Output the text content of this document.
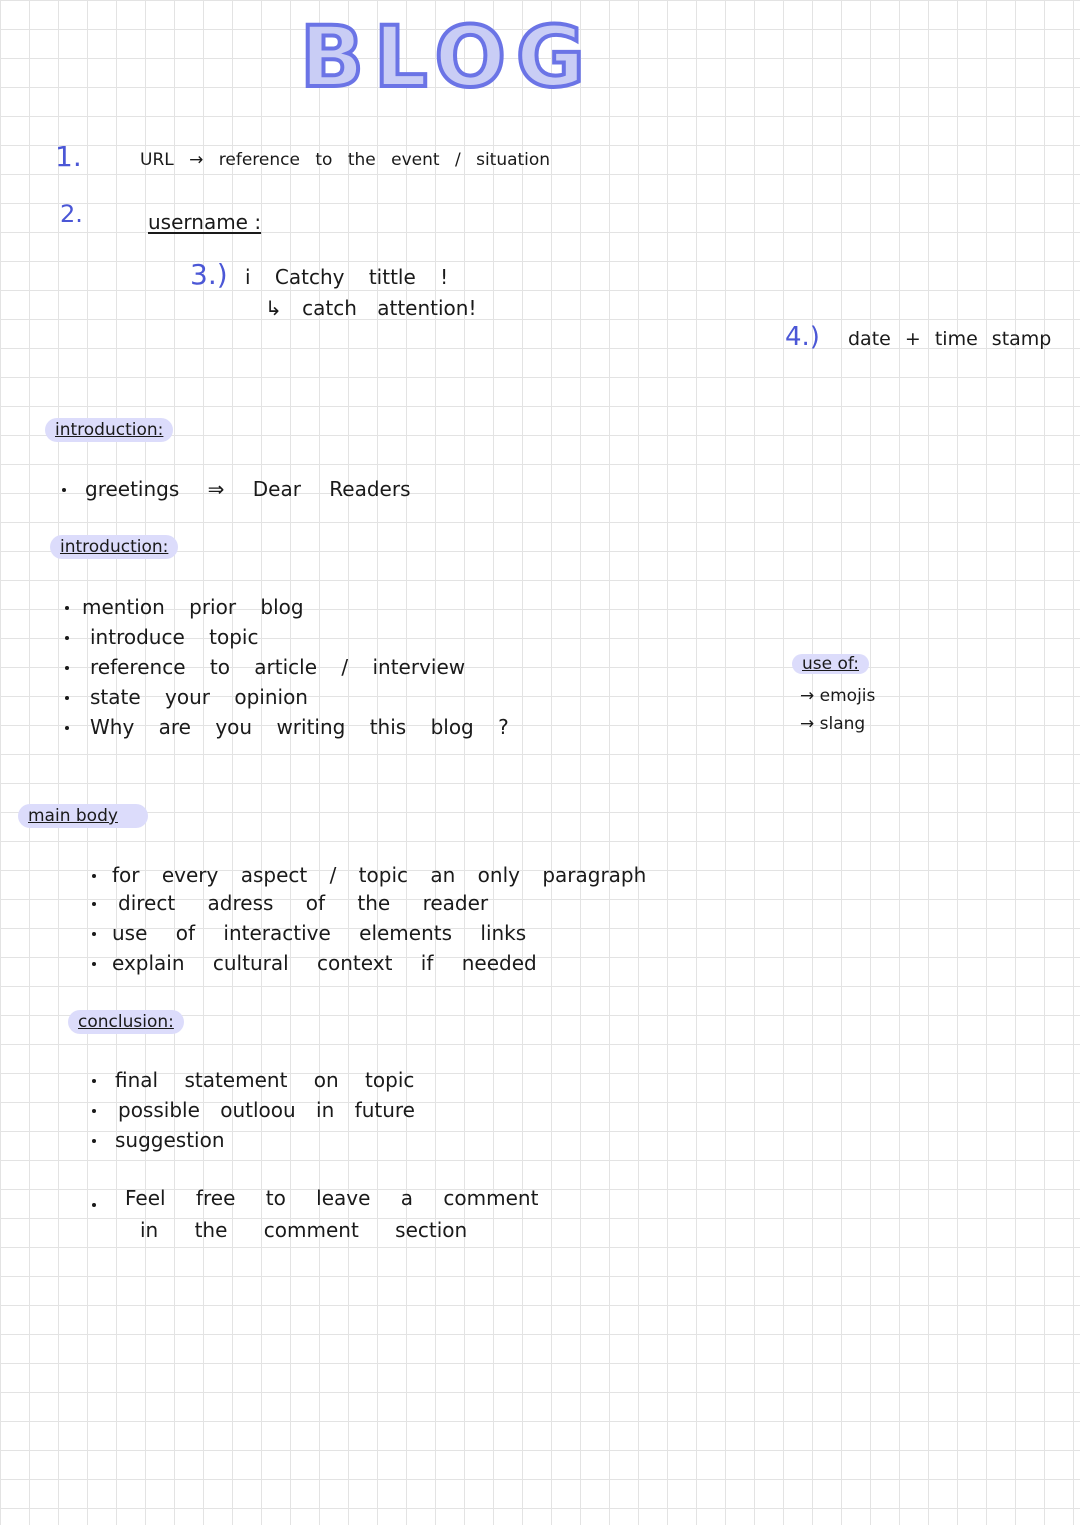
BLOG
1.	URL → reference to the event / situation
2.	username :
3.) i Catchy tittle !
↳ catch attention!
4.) date + time stamp
introduction:
greetings ⇒ Dear Readers
introduction:
mention prior blog
introduce topic
reference to article / interview
state your opinion
Why are you writing this blog ?
use of:
→ emojis
→ slang
main body
for every aspect / topic an only paragraph
direct adress of the reader
use of interactive elements links
explain cultural context if needed
conclusion:
final statement on topic
possible outloou in future
suggestion
Feel free to leave a comment
in the comment section
